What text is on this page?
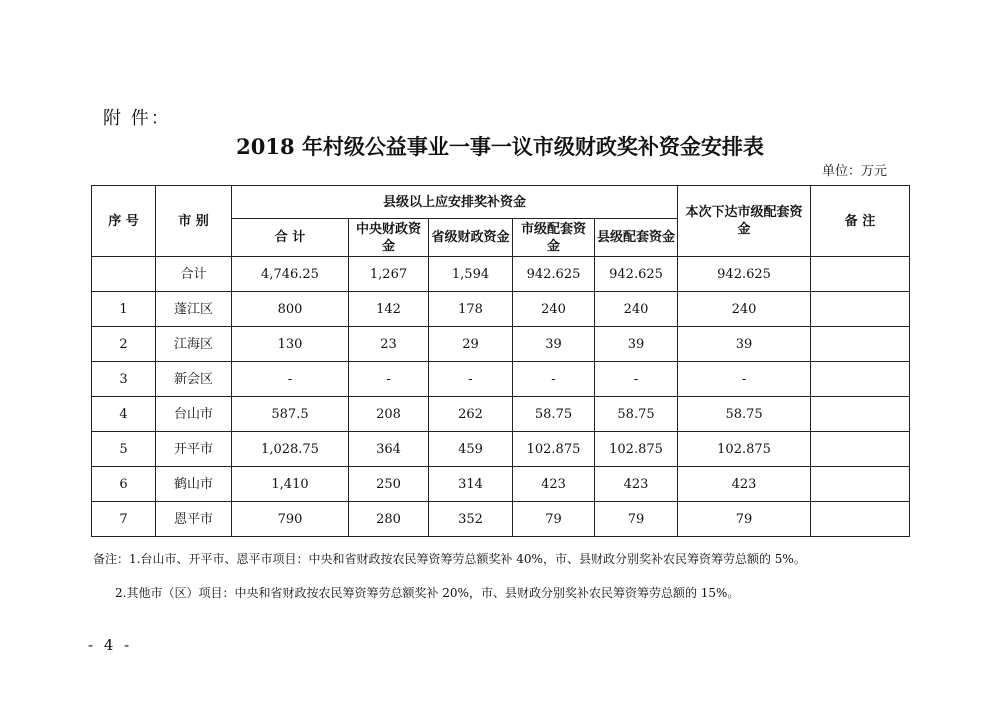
附 件：
2018 年村级公益事业一事一议市级财政奖补资金安排表
单位：万元
序 号	市 别	县级以上应安排奖补资金					本次下达市级配套资金	备 注
		合 计	中央财政资金	省级财政资金	市级配套资金	县级配套资金		
	合计	4,746.25	1,267	1,594	942.625	942.625	942.625	
1	蓬江区	800	142	178	240	240	240	
2	江海区	130	23	29	39	39	39	
3	新会区	-	-	-	-	-	-	
4	台山市	587.5	208	262	58.75	58.75	58.75	
5	开平市	1,028.75	364	459	102.875	102.875	102.875	
6	鹤山市	1,410	250	314	423	423	423	
7	恩平市	790	280	352	79	79	79	
备注：1.台山市、开平市、恩平市项目：中央和省财政按农民筹资筹劳总额奖补 40%，市、县财政分别奖补农民筹资筹劳总额的 5%。
2.其他市（区）项目：中央和省财政按农民筹资筹劳总额奖补 20%，市、县财政分别奖补农民筹资筹劳总额的 15%。
- 4 -
